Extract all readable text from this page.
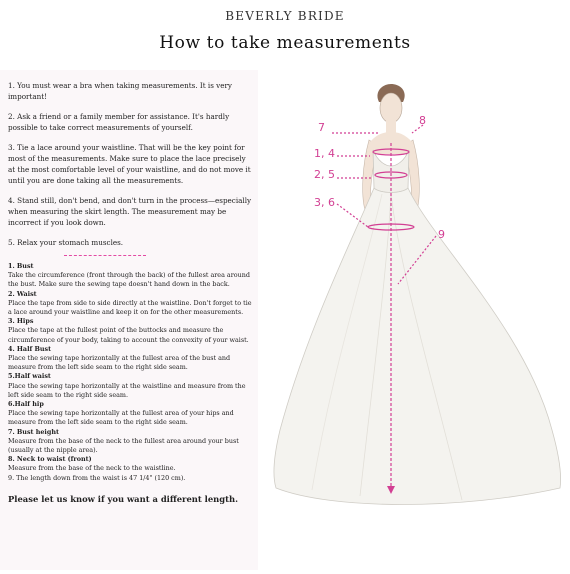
BEVERLY BRIDE
How to take measurements

1. You must wear a bra when taking measurements. It is very important!

2. Ask a friend or a family member for assistance. It's hardly possible to take correct measurements of yourself.

3. Tie a lace around your waistline. That will be the key point for most of the measurements. Make sure to place the lace precisely at the most comfortable level of your waistline, and do not move it until you are done taking all the measurements.

4. Stand still, don't bend, and don't turn in the process—especially when measuring the skirt length. The measurement may be incorrect if you look down.

5. Relax your stomach muscles.

1. Bust
Take the circumference (front through the back) of the fullest area around the bust. Make sure the sewing tape doesn't hand down in the back.
2. Waist
Place the tape from side to side directly at the waistline. Don't forget to tie a lace around your waistline and keep it on for the other measurements.
3. Hips
Place the tape at the fullest point of the buttocks and measure the circumference of your body, taking to account the convexity of your waist.
4. Half Bust
Place the sewing tape horizontally at the fullest area of the bust and measure from the left side seam to the right side seam.
5.Half waist
Place the sewing tape horizontally at the waistline and measure from the left side seam to the right side seam.
6.Half hip
Place the sewing tape horizontally at the fullest area of your hips and measure from the left side seam to the right side seam.
7. Bust height
Measure from the base of the neck to the fullest area around your bust (usually at the nipple area).
8. Neck to waist (front)
Measure from the base of the neck to the waistline.
9. The length down from the waist is 47 1/4" (120 cm).
Please let us know if you want a different length.
7
8
1, 4
2, 5
3, 6
9
